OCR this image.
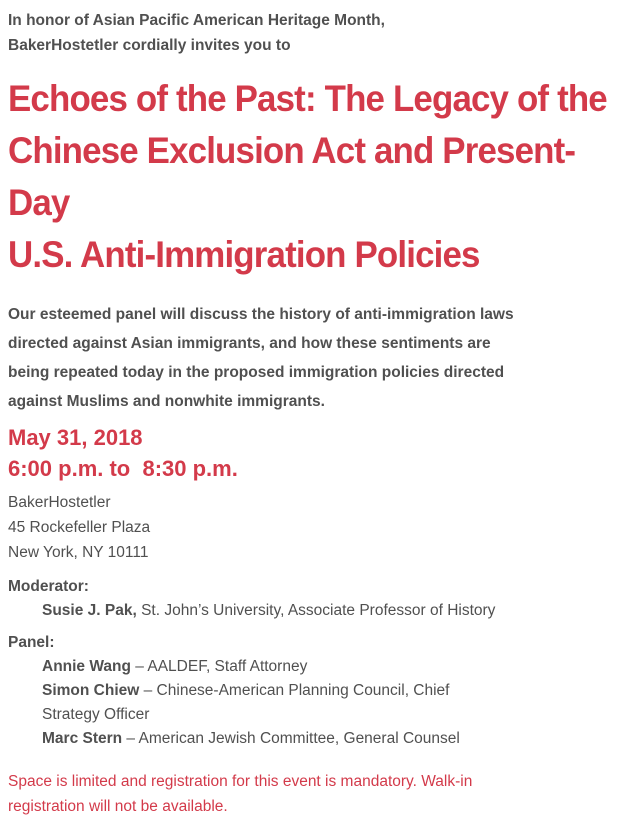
In honor of Asian Pacific American Heritage Month,
BakerHostetler cordially invites you to

Echoes of the Past: The Legacy of the
Chinese Exclusion Act and Present-Day
U.S. Anti-Immigration Policies

Our esteemed panel will discuss the history of anti-immigration laws
directed against Asian immigrants, and how these sentiments are
being repeated today in the proposed immigration policies directed
against Muslims and nonwhite immigrants.

May 31, 2018
6:00 p.m. to  8:30 p.m.

BakerHostetler
45 Rockefeller Plaza
New York, NY 10111

Moderator:

Susie J. Pak, St. John’s University, Associate Professor of History

Panel:

Annie Wang – AALDEF, Staff Attorney

Simon Chiew – Chinese-American Planning Council, Chief
Strategy Officer

Marc Stern – American Jewish Committee, General Counsel

Space is limited and registration for this event is mandatory. Walk-in
registration will not be available.
